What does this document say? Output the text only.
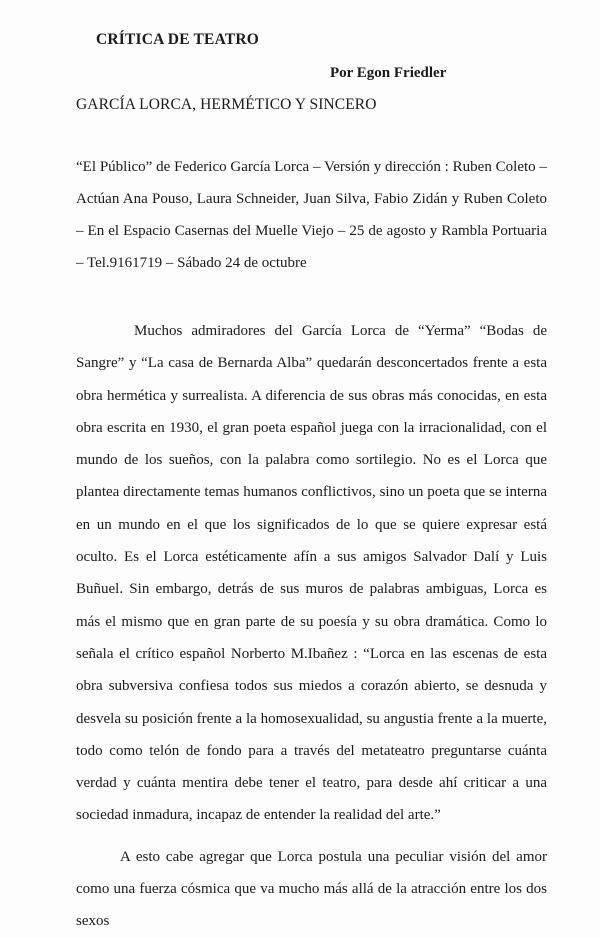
CRÍTICA DE TEATRO
Por Egon Friedler
GARCÍA LORCA, HERMÉTICO Y SINCERO

“El Público” de Federico García Lorca – Versión y dirección : Ruben Coleto – Actúan Ana Pouso, Laura Schneider, Juan Silva, Fabio Zidán y Ruben Coleto – En el Espacio Casernas del Muelle Viejo – 25 de agosto y Rambla Portuaria – Tel.9161719 – Sábado 24 de octubre

Muchos admiradores del García Lorca de “Yerma” “Bodas de Sangre” y “La casa de Bernarda Alba” quedarán desconcertados frente a esta obra hermética y surrealista. A diferencia de sus obras más conocidas, en esta obra escrita en 1930, el gran poeta español juega con la irracionalidad, con el mundo de los sueños, con la palabra como sortilegio. No es el Lorca que plantea directamente temas humanos conflictivos, sino un poeta que se interna en un mundo en el que los significados de lo que se quiere expresar está oculto. Es el Lorca estéticamente afín a sus amigos Salvador Dalí y Luis Buñuel. Sin embargo, detrás de sus muros de palabras ambiguas, Lorca es más el mismo que en gran parte de su poesía y su obra dramática. Como lo señala el crítico español Norberto M.Ibañez : “Lorca en las escenas de esta obra subversiva confiesa todos sus miedos a corazón abierto, se desnuda y desvela su posición frente a la homosexualidad, su angustia frente a la muerte, todo como telón de fondo para a través del metateatro preguntarse cuánta verdad y cuánta mentira debe tener el teatro, para desde ahí criticar a una sociedad inmadura, incapaz de entender la realidad del arte.”

A esto cabe agregar que Lorca postula una peculiar visión del amor como una fuerza cósmica que va mucho más allá de la atracción entre los dos sexos
